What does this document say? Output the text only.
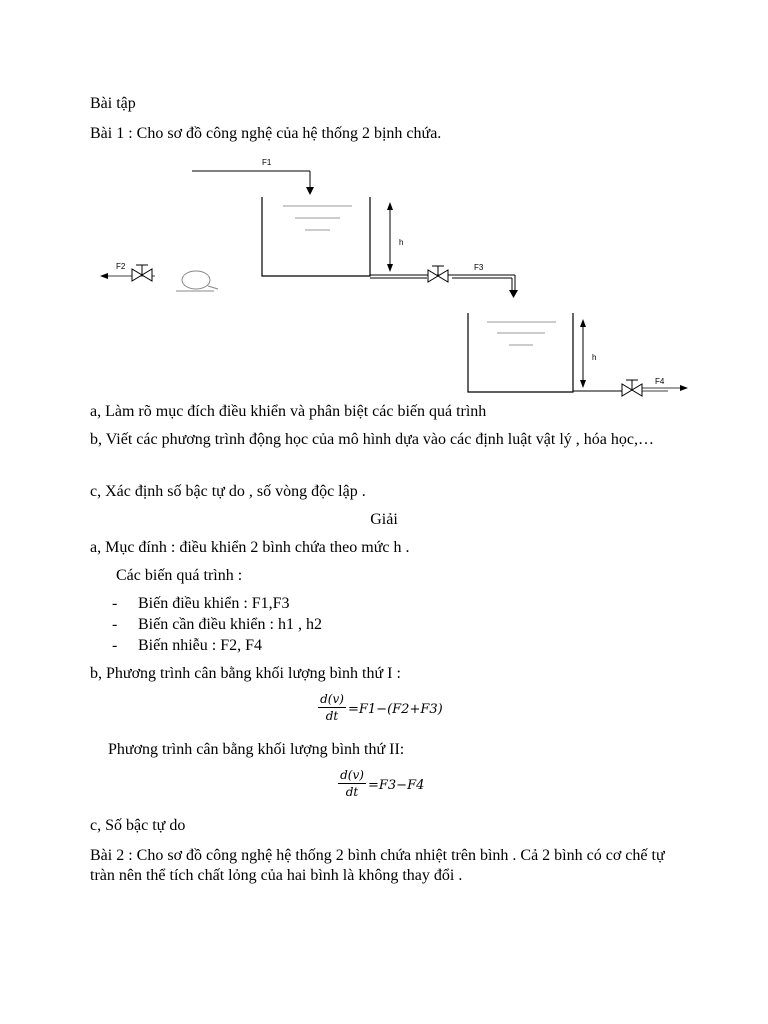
Bài tập
Bài 1 : Cho sơ đồ công nghệ của hệ thống 2 bịnh chứa.
F1
h
F3
F2
h
F4
a, Làm rõ mục đích điều khiển và phân biệt các biến quá trình
b, Viết các phương trình động học của mô hình dựa vào các định luật vật lý , hóa học,…
c, Xác định số bậc tự do , số vòng độc lập .
Giải
a, Mục đính : điều khiển 2 bình chứa theo mức h .
Các biến quá trình :
- Biến điều khiển : F1,F3
- Biến cần điều khiển : h1 , h2
- Biến nhiễu : F2, F4
b, Phương trình cân bằng khối lượng bình thứ I :
d(v)
dt =F1−(F2+F3)
Phương trình cân bằng khối lượng bình thứ II:
d(v)
dt =F3−F4
c, Số bậc tự do
Bài 2 : Cho sơ đồ công nghệ hệ thống 2 bình chứa nhiệt trên bình . Cả 2 bình có cơ chế tự tràn nên thể tích chất lỏng của hai bình là không thay đổi .
